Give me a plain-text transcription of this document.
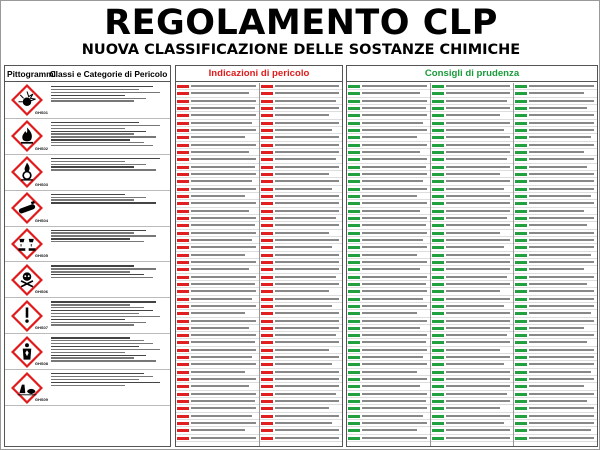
REGOLAMENTO CLP
NUOVA CLASSIFICAZIONE DELLE SOSTANZE CHIMICHE
Pittogrammi
Classi e Categorie di Pericolo
GHS01
GHS02
GHS03
GHS04
GHS05
GHS06
GHS07
GHS08
GHS09
Indicazioni di pericolo	Consigli di prudenza
